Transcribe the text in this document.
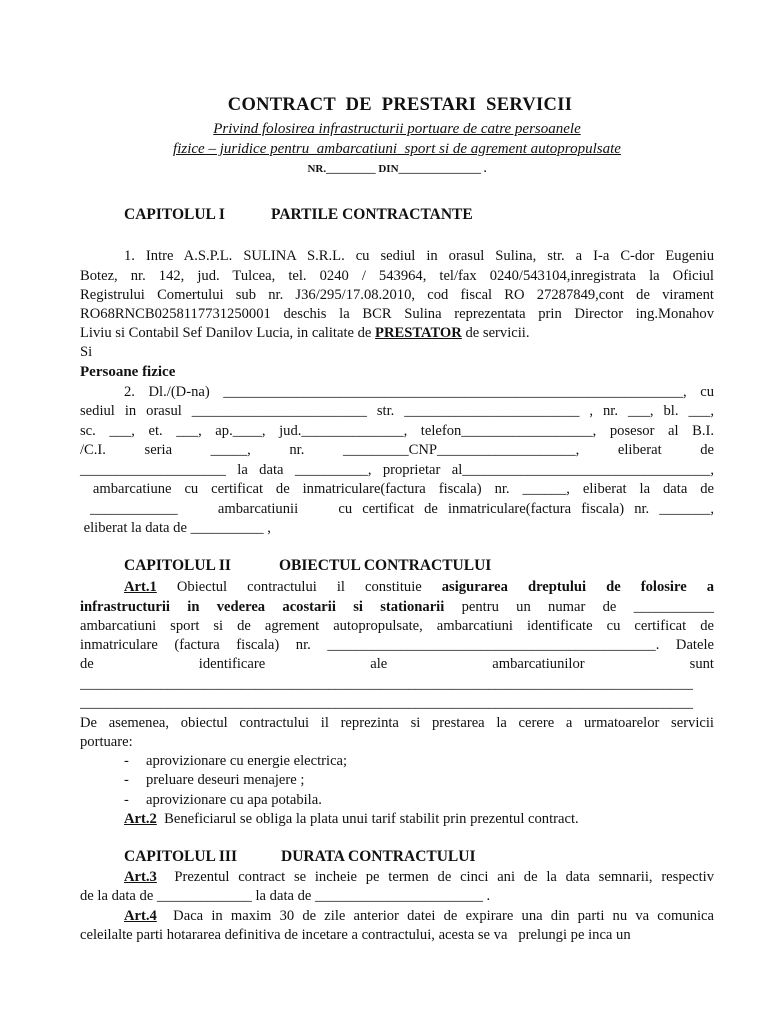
CONTRACT  DE  PRESTARI  SERVICII
Privind folosirea infrastructurii portuare de catre persoanele
fizice – juridice pentru  ambarcatiuni  sport si de agrement autopropulsate
NR._________ DIN_______________ .
CAPITOLUL I	PARTILE CONTRACTANTE
1. Intre A.S.P.L. SULINA S.R.L. cu sediul in orasul Sulina, str. a I-a C-dor Eugeniu
Botez, nr. 142, jud. Tulcea, tel. 0240 / 543964, tel/fax 0240/543104,inregistrata la Oficiul
Registrului Comertului sub nr. J36/295/17.08.2010, cod fiscal RO 27287849,cont de virament
RO68RNCB0258117731250001 deschis la BCR Sulina reprezentata prin Director ing.Monahov
Liviu si Contabil Sef Danilov Lucia, in calitate de PRESTATOR de servicii.
Si
Persoane fizice
2. Dl./(D-na) _______________________________________________________________, cu
sediul in orasul ________________________ str. ________________________ , nr. ___, bl. ___,
sc. ___, et. ___, ap.____, jud.______________, telefon__________________, posesor al B.I.
/C.I.        seria        _____,        nr.        _________CNP___________________,        eliberat        de
____________________ la data __________, proprietar al__________________________________,
ambarcatiune cu certificat de inmatriculare(factura fiscala) nr. ______, eliberat la data de
____________    ambarcatiunii    cu certificat de inmatriculare(factura fiscala) nr. _______,
eliberat la data de __________ ,
CAPITOLUL II	OBIECTUL CONTRACTULUI
Art.1 Obiectul contractului il constituie asigurarea dreptului de folosire a
infrastructurii in vederea acostarii si stationarii pentru un numar de ___________
ambarcatiuni sport si de agrement autopropulsate, ambarcatiuni identificate cu certificat de
inmatriculare (factura fiscala) nr. _____________________________________________. Datele
de            identificare            ale            ambarcatiunilor            sunt
____________________________________________________________________________________
____________________________________________________________________________________
De asemenea, obiectul contractului il reprezinta si prestarea la cerere a urmatoarelor servicii
portuare:
- aprovizionare cu energie electrica;
- preluare deseuri menajere ;
- aprovizionare cu apa potabila.
Art.2  Beneficiarul se obliga la plata unui tarif stabilit prin prezentul contract.
CAPITOLUL III	DURATA CONTRACTULUI
Art.3  Prezentul contract se incheie pe termen de cinci ani de la data semnarii, respectiv
de la data de _____________ la data de _______________________ .
Art.4  Daca in maxim 30 de zile anterior datei de expirare una din parti nu va comunica
celeilalte parti hotararea definitiva de incetare a contractului, acesta se va   prelungi pe inca un
